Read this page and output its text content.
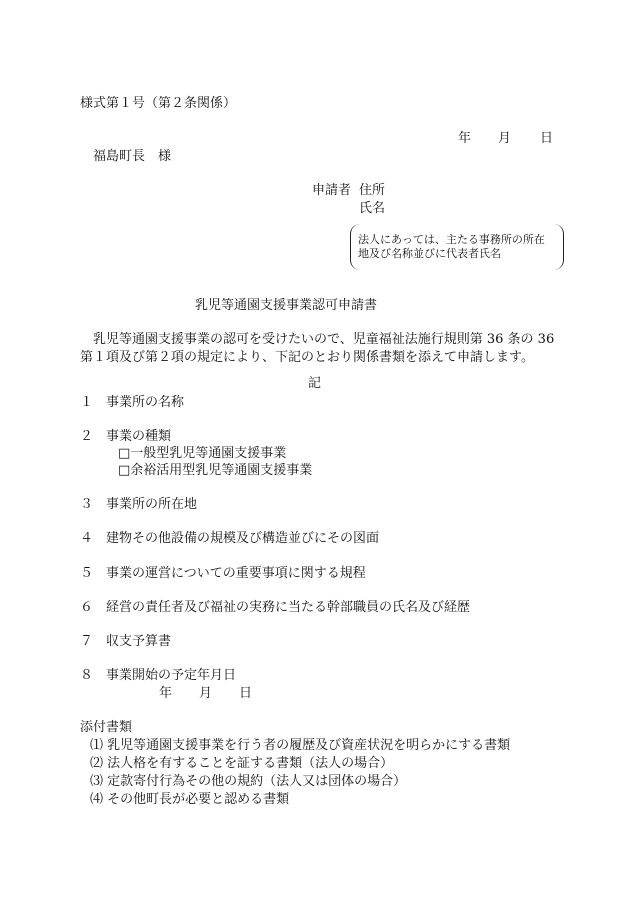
様式第１号（第２条関係）
年 月 日
福島町長　様
申請者 住所
氏名
法人にあっては、主たる事務所の所在
地及び名称並びに代表者氏名
乳児等通園支援事業認可申請書
乳児等通園支援事業の認可を受けたいので、児童福祉法施行規則第 36 条の 36
第１項及び第２項の規定により、下記のとおり関係書類を添えて申請します。
記
１ 事業所の名称
２ 事業の種類
□一般型乳児等通園支援事業
□余裕活用型乳児等通園支援事業
３ 事業所の所在地
４ 建物その他設備の規模及び構造並びにその図面
５ 事業の運営についての重要事項に関する規程
６ 経営の責任者及び福祉の実務に当たる幹部職員の氏名及び経歴
７ 収支予算書
８ 事業開始の予定年月日
年 月 日
添付書類
⑴ 乳児等通園支援事業を行う者の履歴及び資産状況を明らかにする書類
⑵ 法人格を有することを証する書類（法人の場合）
⑶ 定款寄付行為その他の規約（法人又は団体の場合）
⑷ その他町長が必要と認める書類
